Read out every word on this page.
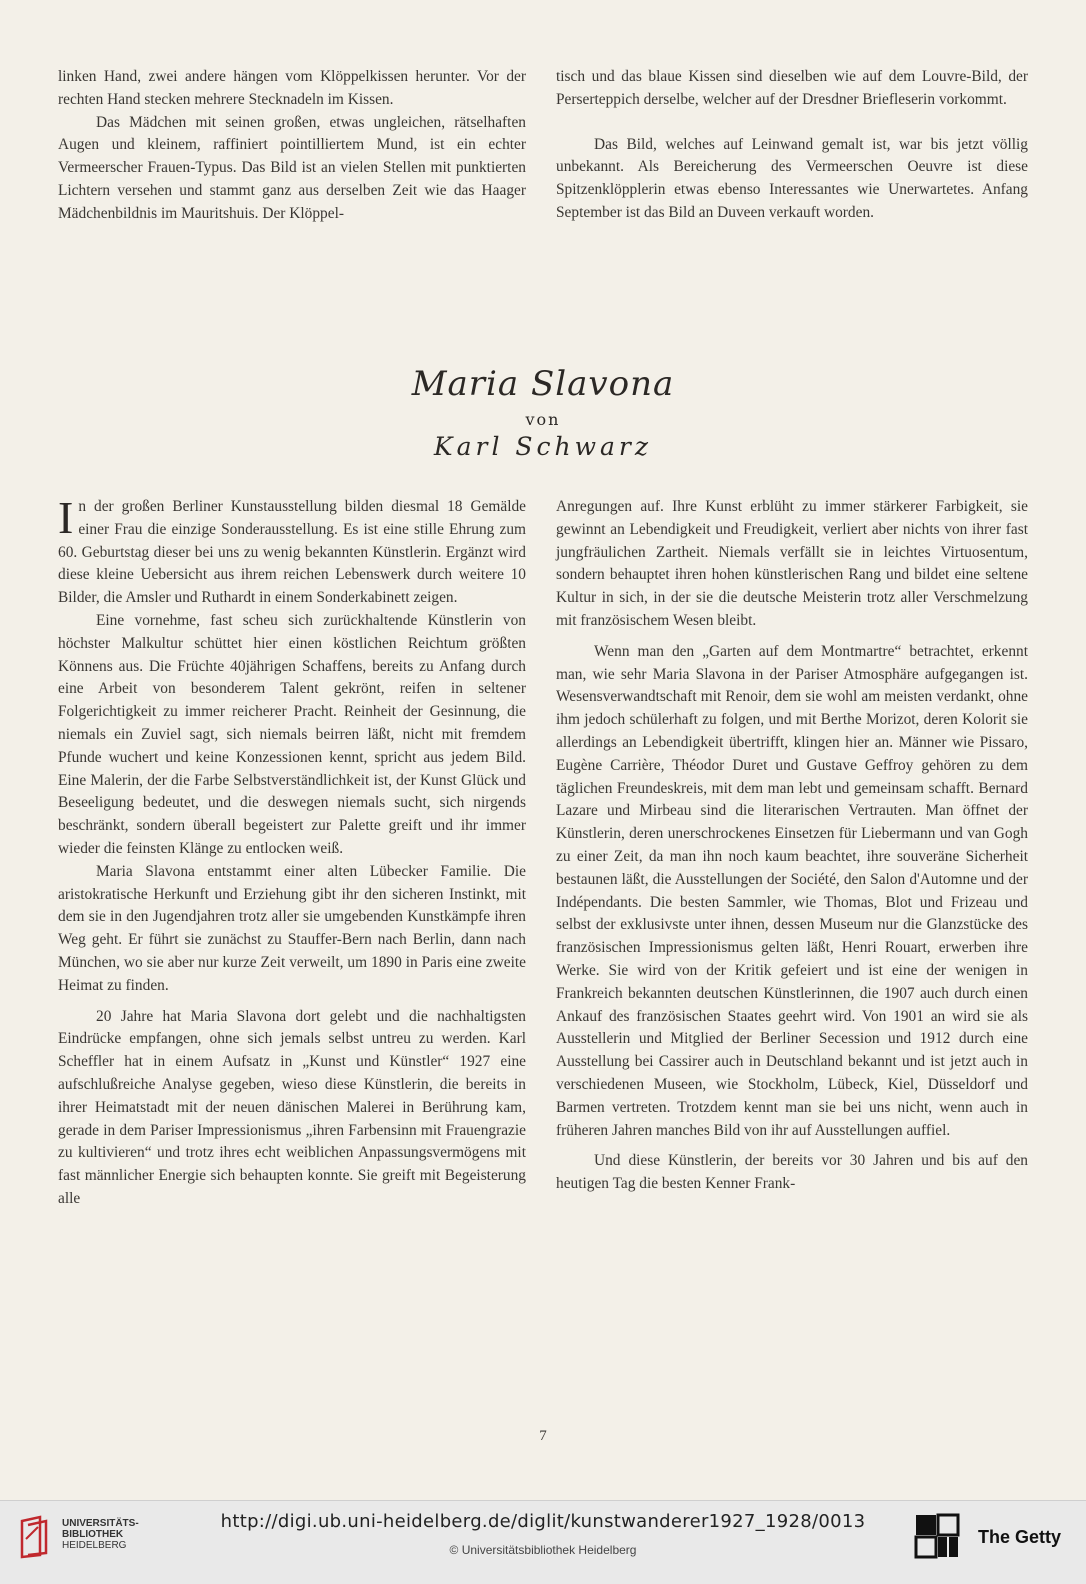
linken Hand, zwei andere hängen vom Klöppelkissen herunter. Vor der rechten Hand stecken mehrere Stecknadeln im Kissen.

Das Mädchen mit seinen großen, etwas ungleichen, rätselhaften Augen und kleinem, raffiniert pointilliertem Mund, ist ein echter Vermeerscher Frauen-Typus. Das Bild ist an vielen Stellen mit punktierten Lichtern versehen und stammt ganz aus derselben Zeit wie das Haager Mädchenbildnis im Mauritshuis. Der Klöppel-

tisch und das blaue Kissen sind dieselben wie auf dem Louvre-Bild, der Perserteppich derselbe, welcher auf der Dresdner Briefleserin vorkommt.

Das Bild, welches auf Leinwand gemalt ist, war bis jetzt völlig unbekannt. Als Bereicherung des Vermeerschen Oeuvre ist diese Spitzenklöpplerin etwas ebenso Interessantes wie Unerwartetes. Anfang September ist das Bild an Duveen verkauft worden.

Maria Slavona
von
Karl Schwarz

In der großen Berliner Kunstausstellung bilden diesmal 18 Gemälde einer Frau die einzige Sonderausstellung. Es ist eine stille Ehrung zum 60. Geburtstag dieser bei uns zu wenig bekannten Künstlerin. Ergänzt wird diese kleine Uebersicht aus ihrem reichen Lebenswerk durch weitere 10 Bilder, die Amsler und Ruthardt in einem Sonderkabinett zeigen.

Eine vornehme, fast scheu sich zurückhaltende Künstlerin von höchster Malkultur schüttet hier einen köstlichen Reichtum größten Könnens aus. Die Früchte 40jährigen Schaffens, bereits zu Anfang durch eine Arbeit von besonderem Talent gekrönt, reifen in seltener Folgerichtigkeit zu immer reicherer Pracht. Reinheit der Gesinnung, die niemals ein Zuviel sagt, sich niemals beirren läßt, nicht mit fremdem Pfunde wuchert und keine Konzessionen kennt, spricht aus jedem Bild. Eine Malerin, der die Farbe Selbstverständlichkeit ist, der Kunst Glück und Beseeligung bedeutet, und die deswegen niemals sucht, sich nirgends beschränkt, sondern überall begeistert zur Palette greift und ihr immer wieder die feinsten Klänge zu entlocken weiß.

Maria Slavona entstammt einer alten Lübecker Familie. Die aristokratische Herkunft und Erziehung gibt ihr den sicheren Instinkt, mit dem sie in den Jugendjahren trotz aller sie umgebenden Kunstkämpfe ihren Weg geht. Er führt sie zunächst zu Stauffer-Bern nach Berlin, dann nach München, wo sie aber nur kurze Zeit verweilt, um 1890 in Paris eine zweite Heimat zu finden.

20 Jahre hat Maria Slavona dort gelebt und die nachhaltigsten Eindrücke empfangen, ohne sich jemals selbst untreu zu werden. Karl Scheffler hat in einem Aufsatz in „Kunst und Künstler“ 1927 eine aufschlußreiche Analyse gegeben, wieso diese Künstlerin, die bereits in ihrer Heimatstadt mit der neuen dänischen Malerei in Berührung kam, gerade in dem Pariser Impressionismus „ihren Farbensinn mit Frauengrazie zu kultivieren“ und trotz ihres echt weiblichen Anpassungsvermögens mit fast männlicher Energie sich behaupten konnte. Sie greift mit Begeisterung alle

Anregungen auf. Ihre Kunst erblüht zu immer stärkerer Farbigkeit, sie gewinnt an Lebendigkeit und Freudigkeit, verliert aber nichts von ihrer fast jungfräulichen Zartheit. Niemals verfällt sie in leichtes Virtuosentum, sondern behauptet ihren hohen künstlerischen Rang und bildet eine seltene Kultur in sich, in der sie die deutsche Meisterin trotz aller Verschmelzung mit französischem Wesen bleibt.

Wenn man den „Garten auf dem Montmartre“ betrachtet, erkennt man, wie sehr Maria Slavona in der Pariser Atmosphäre aufgegangen ist. Wesensverwandtschaft mit Renoir, dem sie wohl am meisten verdankt, ohne ihm jedoch schülerhaft zu folgen, und mit Berthe Morizot, deren Kolorit sie allerdings an Lebendigkeit übertrifft, klingen hier an. Männer wie Pissaro, Eugène Carrière, Théodor Duret und Gustave Geffroy gehören zu dem täglichen Freundeskreis, mit dem man lebt und gemeinsam schafft. Bernard Lazare und Mirbeau sind die literarischen Vertrauten. Man öffnet der Künstlerin, deren unerschrockenes Einsetzen für Liebermann und van Gogh zu einer Zeit, da man ihn noch kaum beachtet, ihre souveräne Sicherheit bestaunen läßt, die Ausstellungen der Société, den Salon d'Automne und der Indépendants. Die besten Sammler, wie Thomas, Blot und Frizeau und selbst der exklusivste unter ihnen, dessen Museum nur die Glanzstücke des französischen Impressionismus gelten läßt, Henri Rouart, erwerben ihre Werke. Sie wird von der Kritik gefeiert und ist eine der wenigen in Frankreich bekannten deutschen Künstlerinnen, die 1907 auch durch einen Ankauf des französischen Staates geehrt wird. Von 1901 an wird sie als Ausstellerin und Mitglied der Berliner Secession und 1912 durch eine Ausstellung bei Cassirer auch in Deutschland bekannt und ist jetzt auch in verschiedenen Museen, wie Stockholm, Lübeck, Kiel, Düsseldorf und Barmen vertreten. Trotzdem kennt man sie bei uns nicht, wenn auch in früheren Jahren manches Bild von ihr auf Ausstellungen auffiel.

Und diese Künstlerin, der bereits vor 30 Jahren und bis auf den heutigen Tag die besten Kenner Frank-

7
UNIVERSITÄTS-
BIBLIOTHEK
HEIDELBERG
http://digi.ub.uni-heidelberg.de/diglit/kunstwanderer1927_1928/0013
© Universitätsbibliothek Heidelberg
The Getty
